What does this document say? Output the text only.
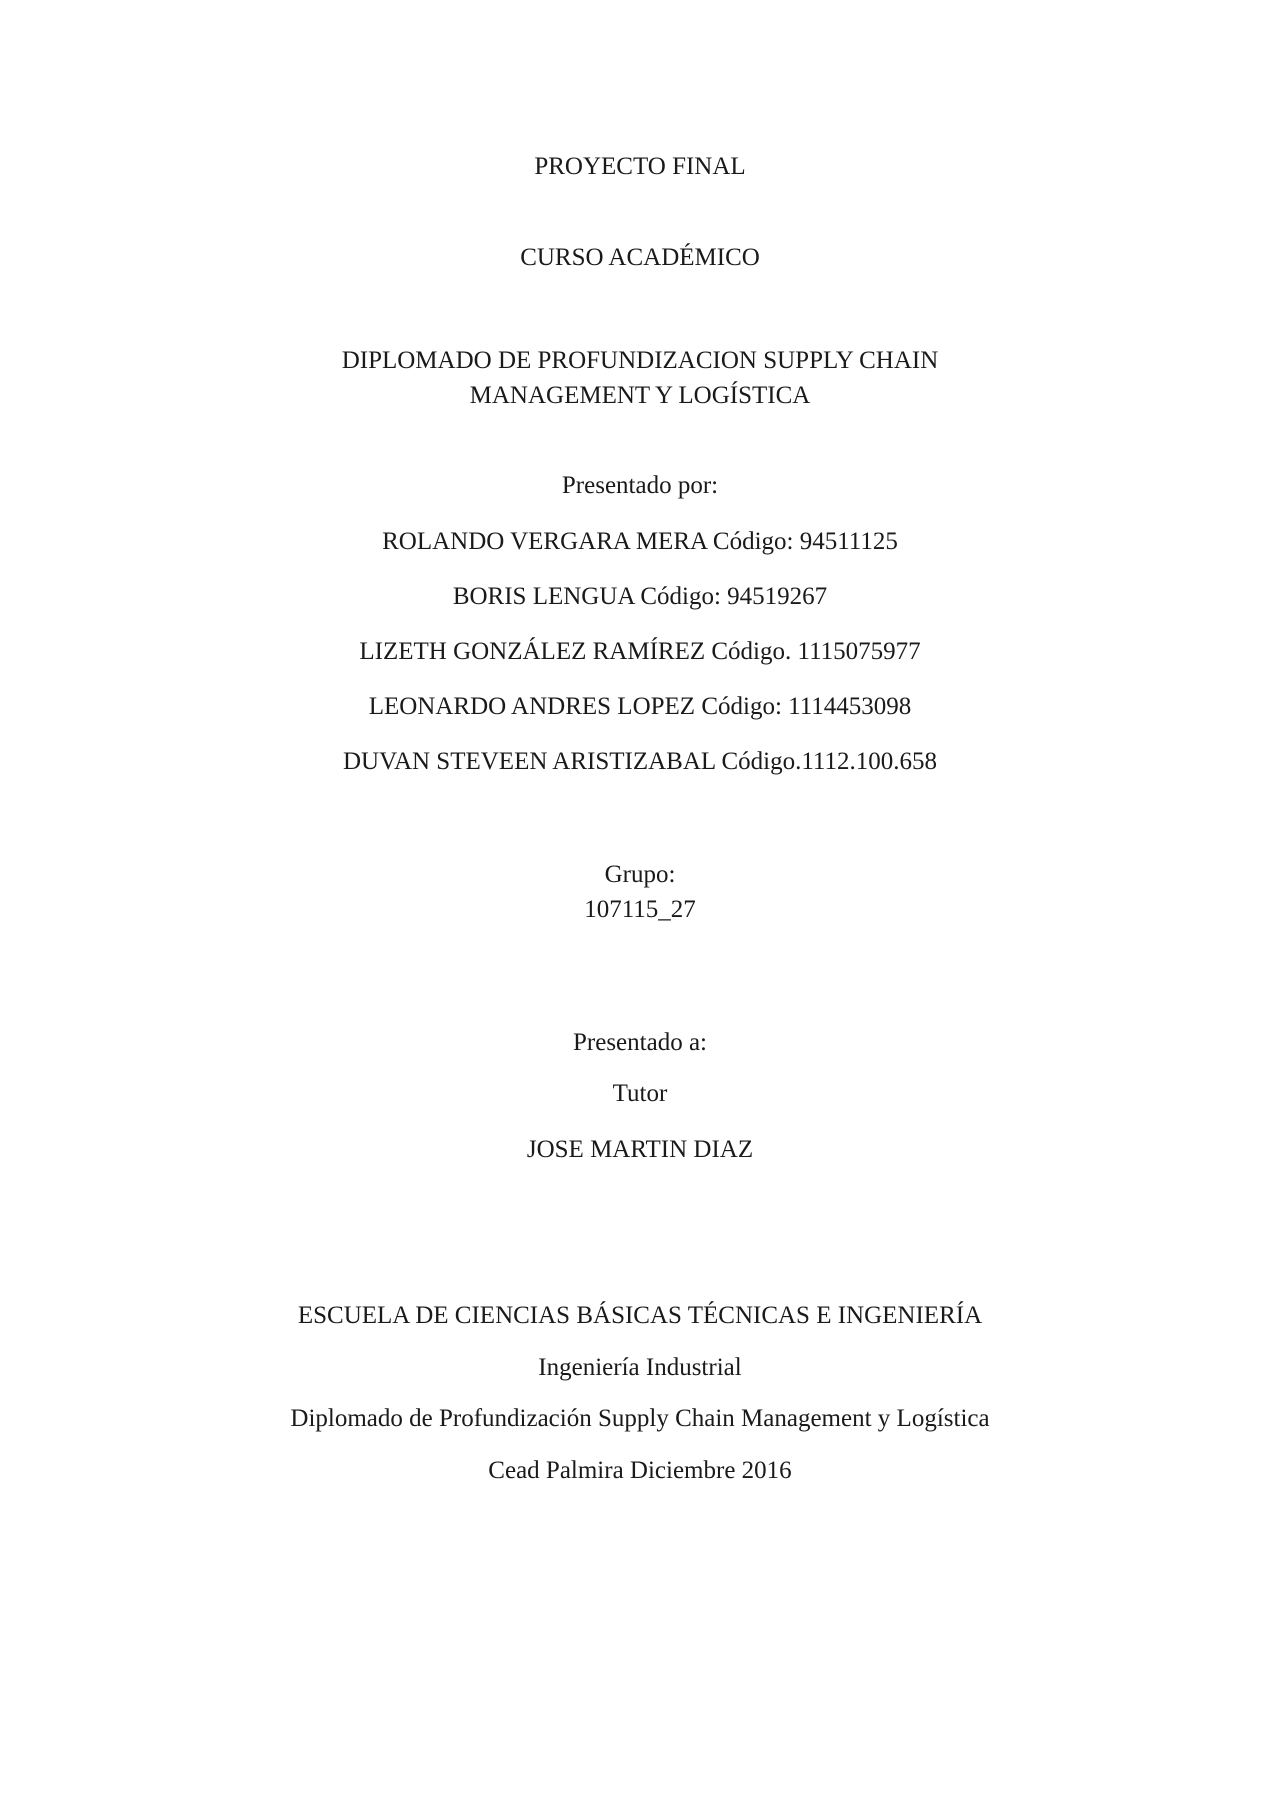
PROYECTO FINAL
CURSO ACADÉMICO
DIPLOMADO DE PROFUNDIZACION SUPPLY CHAIN
MANAGEMENT Y LOGÍSTICA
Presentado por:
ROLANDO VERGARA MERA Código: 94511125
BORIS LENGUA Código: 94519267
LIZETH GONZÁLEZ RAMÍREZ Código. 1115075977
LEONARDO ANDRES LOPEZ Código: 1114453098
DUVAN STEVEEN ARISTIZABAL Código.1112.100.658
Grupo:
107115_27
Presentado a:
Tutor
JOSE MARTIN DIAZ
ESCUELA DE CIENCIAS BÁSICAS TÉCNICAS E INGENIERÍA
Ingeniería Industrial
Diplomado de Profundización Supply Chain Management y Logística
Cead Palmira Diciembre 2016
